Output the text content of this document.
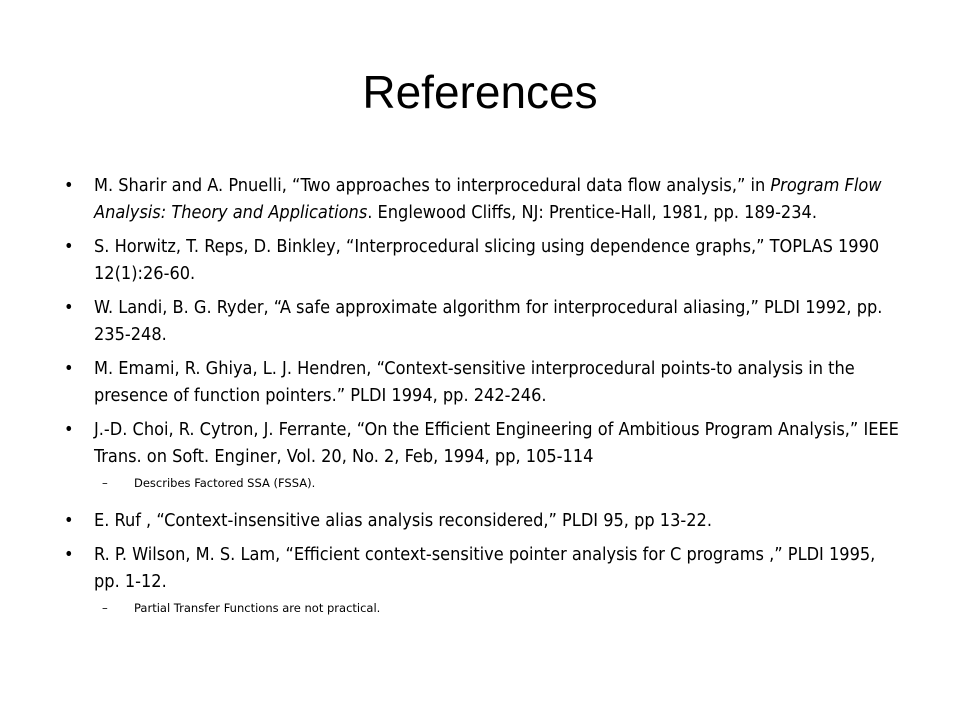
References
• M. Sharir and A. Pnuelli, “Two approaches to interprocedural data flow analysis,” in Program Flow Analysis: Theory and Applications. Englewood Cliffs, NJ: Prentice-Hall, 1981, pp. 189-234.
• S. Horwitz, T. Reps, D. Binkley, “Interprocedural slicing using dependence graphs,” TOPLAS 1990 12(1):26-60.
• W. Landi, B. G. Ryder, “A safe approximate algorithm for interprocedural aliasing,” PLDI 1992, pp. 235-248.
• M. Emami, R. Ghiya, L. J. Hendren, “Context-sensitive interprocedural points-to analysis in the presence of function pointers.” PLDI 1994, pp. 242-246.
• J.-D. Choi, R. Cytron, J. Ferrante, “On the Efficient Engineering of Ambitious Program Analysis,” IEEE Trans. on Soft. Enginer, Vol. 20, No. 2, Feb, 1994, pp, 105-114
– Describes Factored SSA (FSSA).
• E. Ruf , “Context-insensitive alias analysis reconsidered,” PLDI 95, pp 13-22.
• R. P. Wilson, M. S. Lam, “Efficient context-sensitive pointer analysis for C programs ,” PLDI 1995, pp. 1-12.
– Partial Transfer Functions are not practical.
